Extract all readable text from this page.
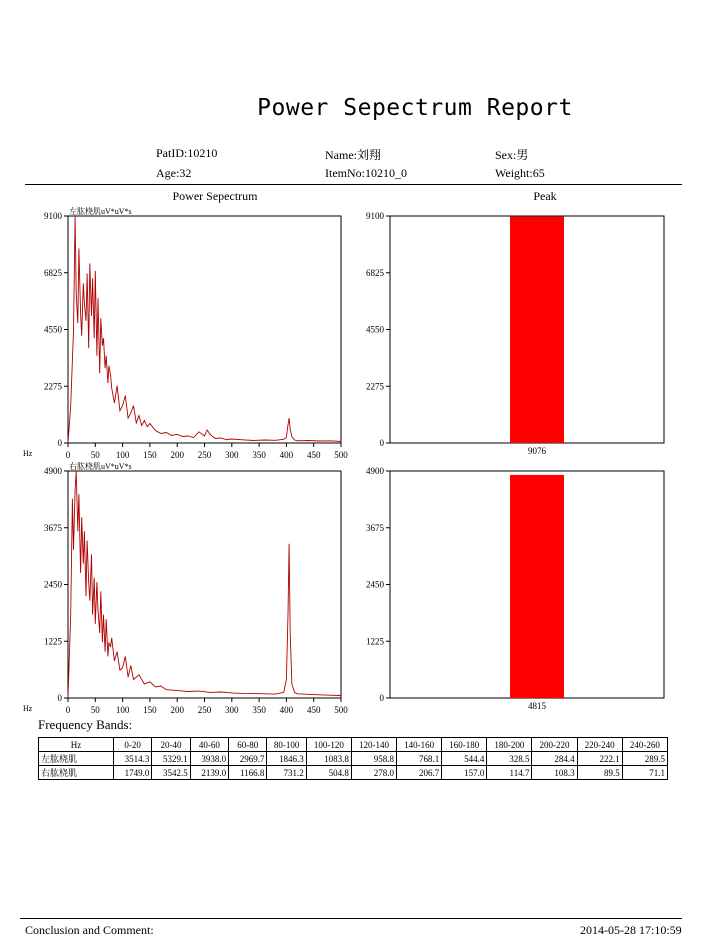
Power Sepectrum Report
PatID:10210	Name:刘翔	Sex:男
Age:32	ItemNo:10210_0	Weight:65
Power Sepectrum	Peak
左肱桡肌uV*uV*s
Hz
0
2275
4550
6825
9100
0 50 100 150 200 250 300 350 400 450 500
0
2275
4550
6825
9100
9076
右肱桡肌uV*uV*s
Hz
0
1225
2450
3675
4900
0 50 100 150 200 250 300 350 400 450 500
0
1225
2450
3675
4900
4815
Frequency Bands:
Hz	0-20	20-40	40-60	60-80	80-100	100-120	120-140	140-160	160-180	180-200	200-220	220-240	240-260
左肱桡肌	3514.3	5329.1	3938.0	2969.7	1846.3	1083.8	958.8	768.1	544.4	328.5	284.4	222.1	289.5
右肱桡肌	1749.0	3542.5	2139.0	1166.8	731.2	504.8	278.0	206.7	157.0	114.7	108.3	89.5	71.1
Conclusion and Comment:	2014-05-28 17:10:59
